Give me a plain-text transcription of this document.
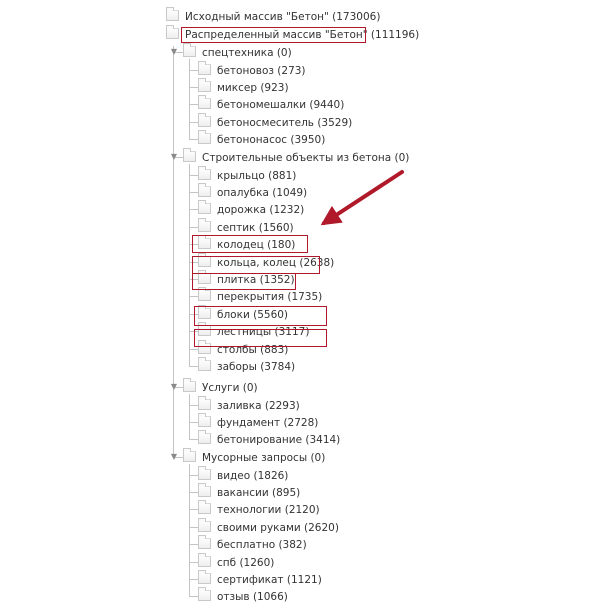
Исходный массив "Бетон" (173006)
Распределенный массив "Бетон" (111196)
▼ спецтехника (0)
бетоновоз (273)
миксер (923)
бетономешалки (9440)
бетоносмеситель (3529)
бетононасос (3950)
▼ Строительные объекты из бетона (0)
крыльцо (881)
опалубка (1049)
дорожка (1232)
септик (1560)
колодец (180)
кольца, колец (2638)
плитка (1352)
перекрытия (1735)
блоки (5560)
лестницы (3117)
столбы (883)
заборы (3784)
▼ Услуги (0)
заливка (2293)
фундамент (2728)
бетонирование (3414)
▼ Мусорные запросы (0)
видео (1826)
вакансии (895)
технологии (2120)
своими руками (2620)
бесплатно (382)
спб (1260)
сертификат (1121)
отзыв (1066)
